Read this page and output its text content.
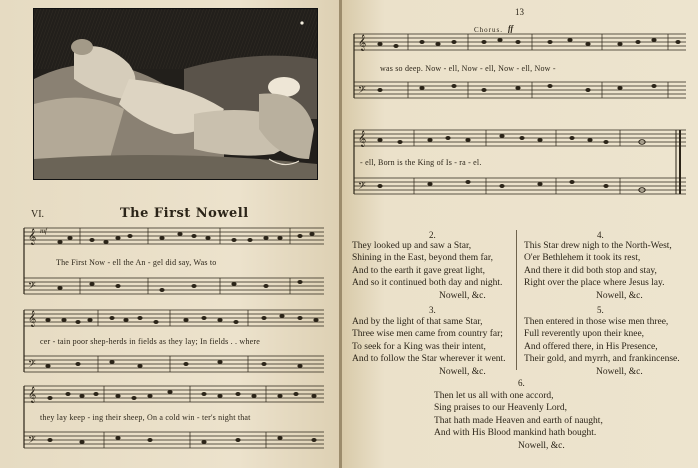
VI.	The First Nowell
𝄞
𝄢
mf
The First Now - ell the An - gel did say, Was to
𝄞
𝄢
cer - tain poor shep-herds in fields as they lay; In fields . . where
𝄞
𝄢
they lay keep - ing their sheep, On a cold win - ter's night that
13
Chorus. ff
𝄞
𝄢
was so deep. Now - ell, Now - ell, Now - ell, Now -
𝄞
𝄢
- ell, Born is the King of Is - ra - el.
2.
They looked up and saw a Star,
Shining in the East, beyond them far,
And to the earth it gave great light,
And so it continued both day and night.
Nowell, &c.
4.
This Star drew nigh to the North-West,
O'er Bethlehem it took its rest,
And there it did both stop and stay,
Right over the place where Jesus lay.
Nowell, &c.
3.
And by the light of that same Star,
Three wise men came from country far;
To seek for a King was their intent,
And to follow the Star wherever it went.
Nowell, &c.
5.
Then entered in those wise men three,
Full reverently upon their knee,
And offered there, in His Presence,
Their gold, and myrrh, and frankincense.
Nowell, &c.
6.
Then let us all with one accord,
Sing praises to our Heavenly Lord,
That hath made Heaven and earth of naught,
And with His Blood mankind hath bought.
Nowell, &c.
